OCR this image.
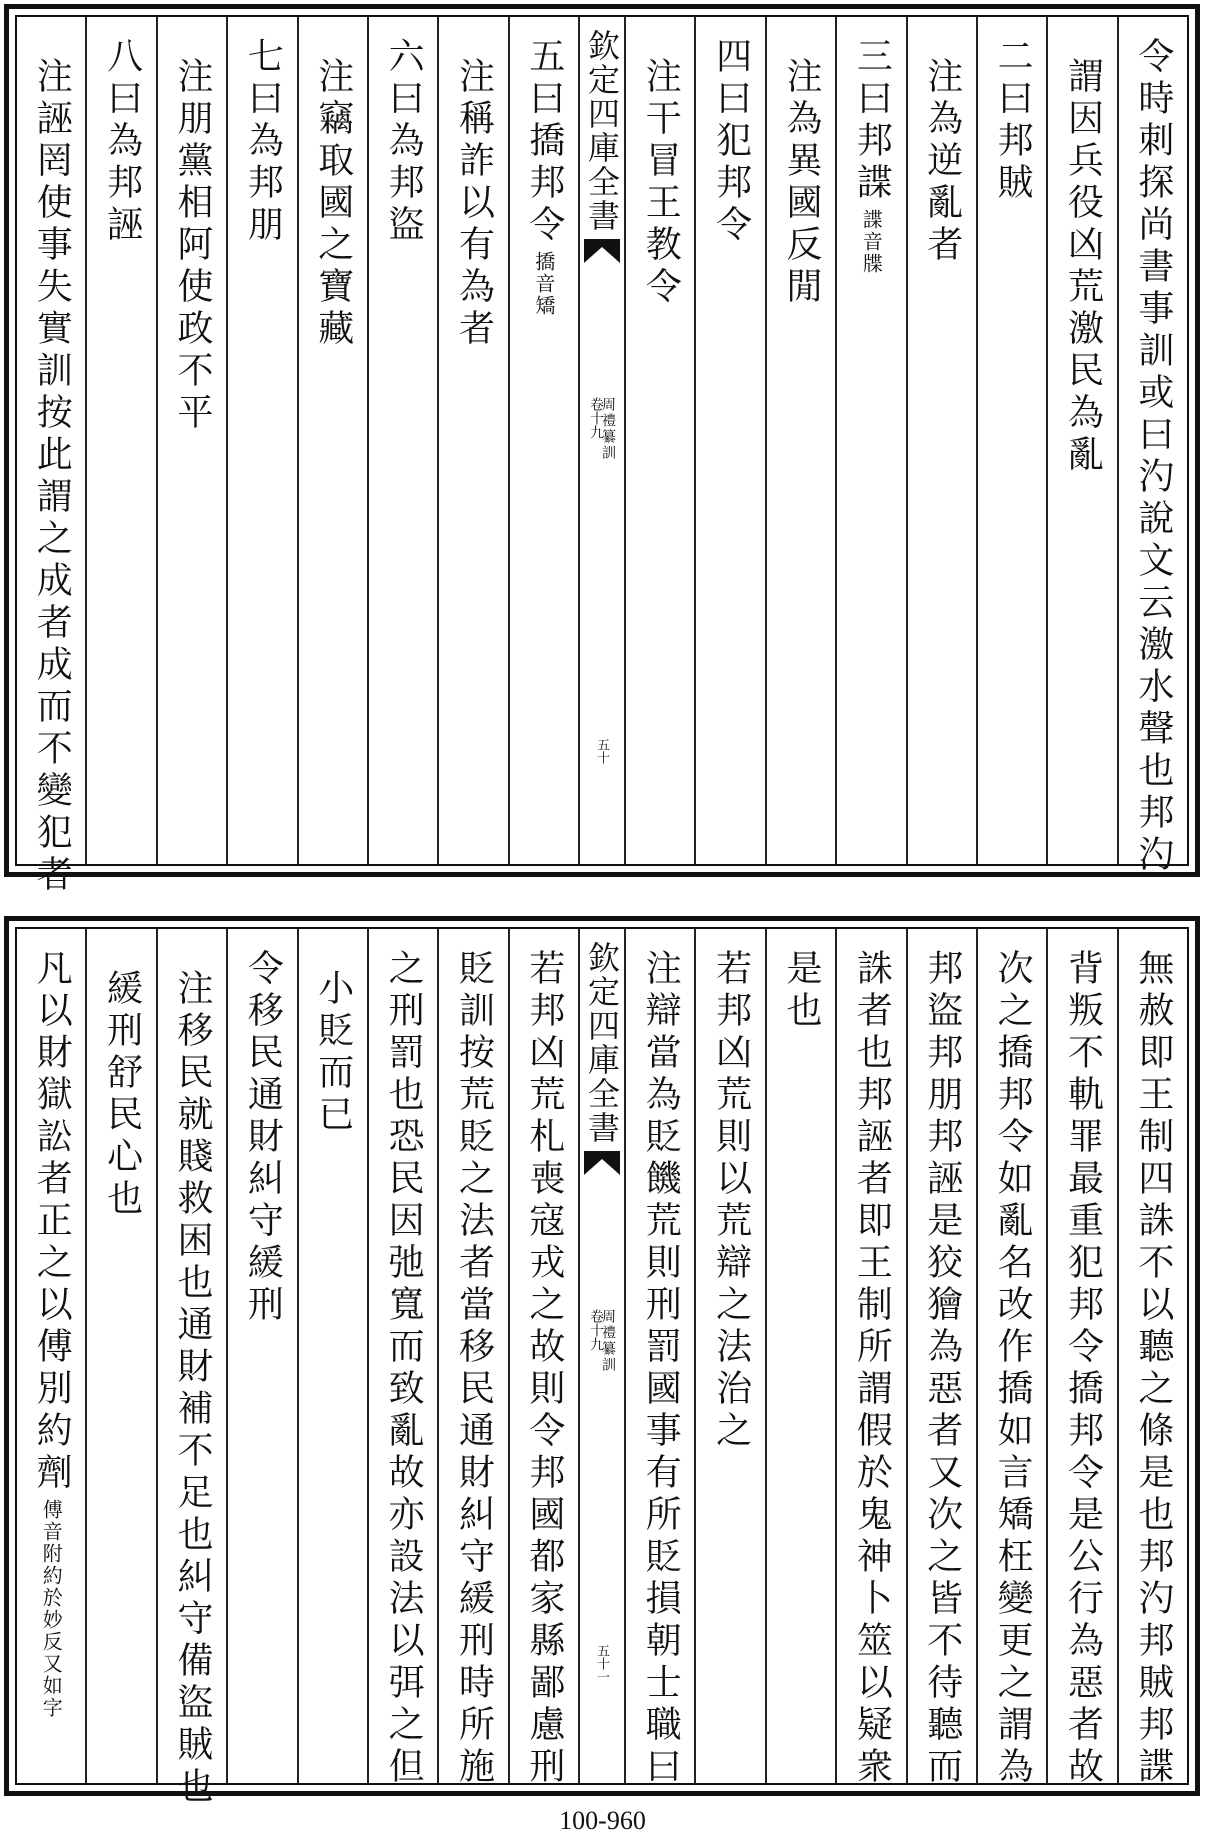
令時刺探尚書事訓或曰汋說文云激水聲也邦汋
謂因兵役凶荒激民為亂
二曰邦賊
注為逆亂者
三曰邦諜
諜音牒
注為異國反閒
四曰犯邦令
注干冒王教令
欽定四庫全書
周禮纂訓
卷十九
五十
五曰撟邦令
撟音矯
注稱詐以有為者
六曰為邦盜
注竊取國之寶藏
七曰為邦朋
注朋黨相阿使政不平
八曰為邦誣
注誣罔使事失實訓按此謂之成者成而不變犯者
無赦即王制四誅不以聽之條是也邦汋邦賊邦諜
背叛不軌罪最重犯邦令撟邦令是公行為惡者故
次之撟邦令如亂名改作撟如言矯枉變更之謂為
邦盜邦朋邦誣是狡獪為惡者又次之皆不待聽而
誅者也邦誣者即王制所謂假於鬼神卜筮以疑衆
是也
若邦凶荒則以荒辯之法治之
注辯當為貶饑荒則刑罰國事有所貶損朝士職曰
欽定四庫全書
周禮纂訓
卷十九
五十一
若邦凶荒札喪寇戎之故則令邦國都家縣鄙慮刑
貶訓按荒貶之法者當移民通財糾守緩刑時所施
之刑罰也恐民因弛寬而致亂故亦設法以弭之但
小貶而已
令移民通財糾守緩刑
注移民就賤救困也通財補不足也糾守備盜賊也
緩刑舒民心也
凡以財獄訟者正之以傅別約劑
傅音附約於妙反又如字
100-960
